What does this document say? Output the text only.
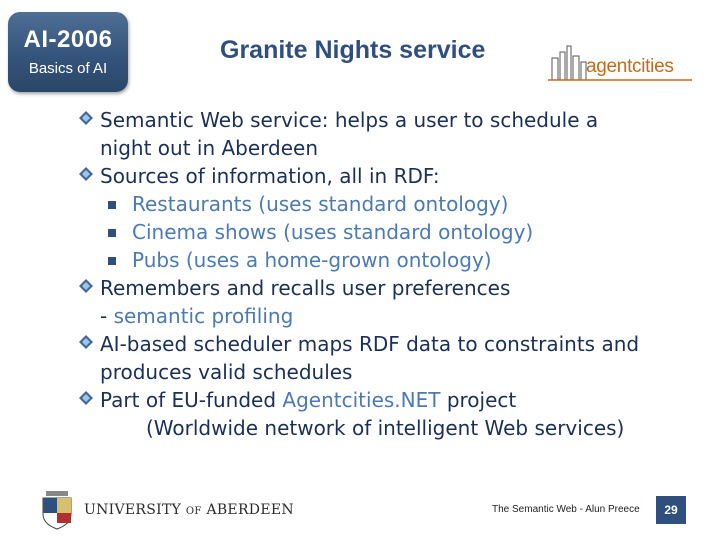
AI-2006
Basics of AI
Granite Nights service
agentcities
Semantic Web service: helps a user to schedule a
night out in Aberdeen
Sources of information, all in RDF:
Restaurants (uses standard ontology)
Cinema shows (uses standard ontology)
Pubs (uses a home-grown ontology)
Remembers and recalls user preferences
- semantic profiling
AI-based scheduler maps RDF data to constraints and
produces valid schedules
Part of EU-funded Agentcities.NET project
(Worldwide network of intelligent Web services)
UNIVERSITY OF ABERDEEN	The Semantic Web - Alun Preece	29
